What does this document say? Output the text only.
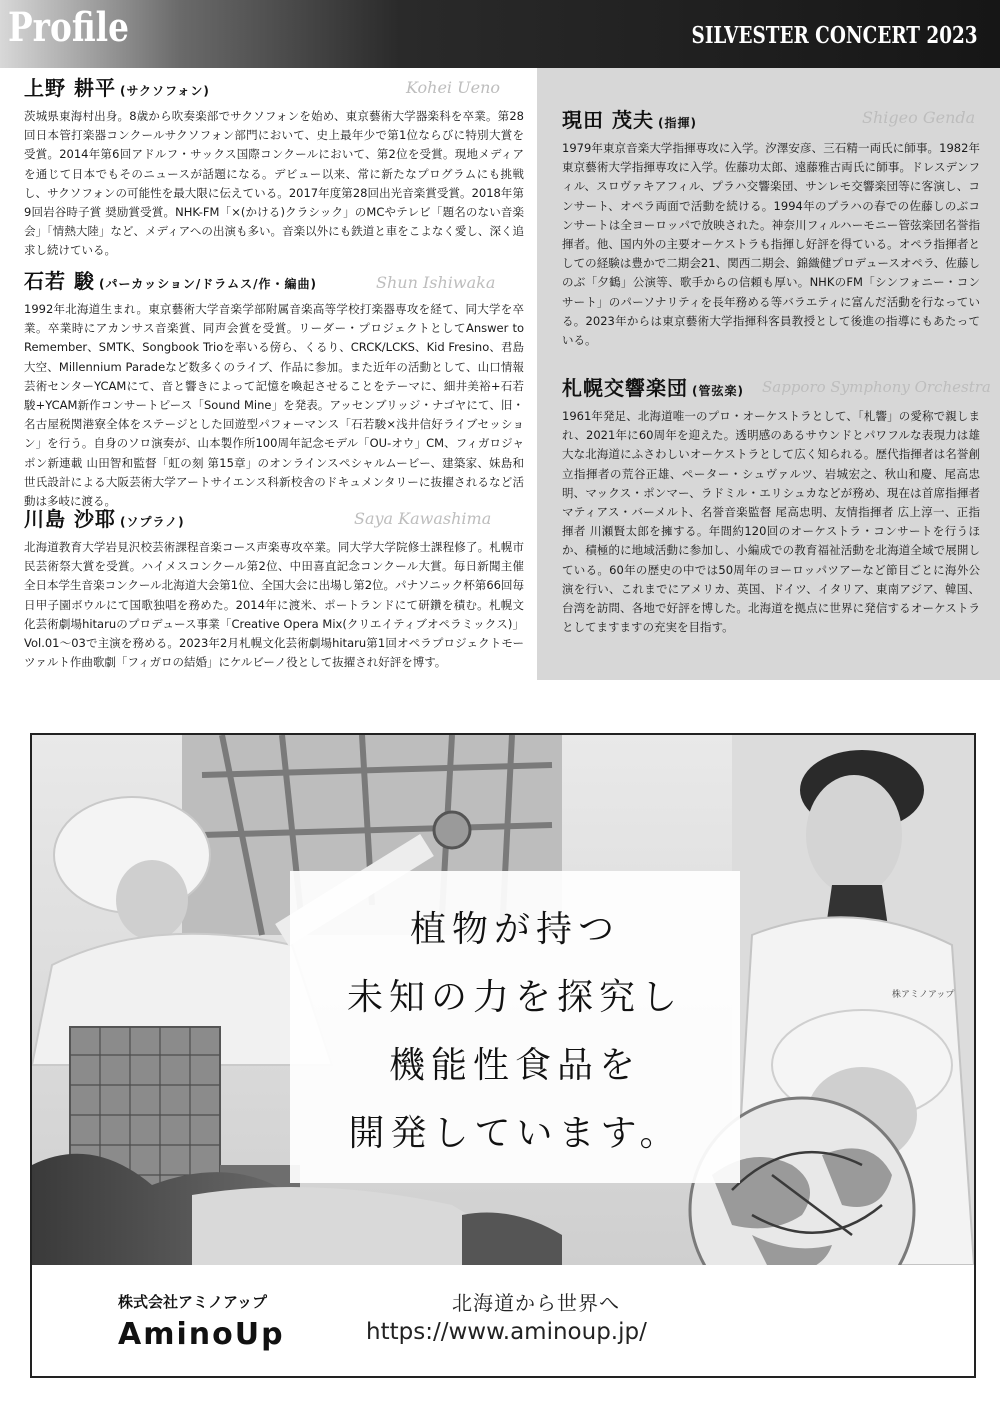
Profile	SILVESTER CONCERT 2023
Kohei Ueno
上野 耕平 (サクソフォン)
茨城県東海村出身。8歳から吹奏楽部でサクソフォンを始め、東京藝術大学器楽科を卒業。第28回日本管打楽器コンクールサクソフォン部門において、史上最年少で第1位ならびに特別大賞を受賞。2014年第6回アドルフ・サックス国際コンクールにおいて、第2位を受賞。現地メディアを通じて日本でもそのニュースが話題になる。デビュー以来、常に新たなプログラムにも挑戦し、サクソフォンの可能性を最大限に伝えている。2017年度第28回出光音楽賞受賞。2018年第9回岩谷時子賞 奨励賞受賞。NHK-FM「×(かける)クラシック」のMCやテレビ「題名のない音楽会」「情熱大陸」など、メディアへの出演も多い。音楽以外にも鉄道と車をこよなく愛し、深く追求し続けている。
Shun Ishiwaka
石若 駿 (パーカッション/ドラムス/作・編曲)
1992年北海道生まれ。東京藝術大学音楽学部附属音楽高等学校打楽器専攻を経て、同大学を卒業。卒業時にアカンサス音楽賞、同声会賞を受賞。リーダー・プロジェクトとしてAnswer to Remember、SMTK、Songbook Trioを率いる傍ら、くるり、CRCK/LCKS、Kid Fresino、君島大空、Millennium Paradeなど数多くのライブ、作品に参加。また近年の活動として、山口情報芸術センターYCAMにて、音と響きによって記憶を喚起させることをテーマに、細井美裕+石若駿+YCAM新作コンサートピース「Sound Mine」を発表。アッセンブリッジ・ナゴヤにて、旧・名古屋税関港寮全体をステージとした回遊型パフォーマンス「石若駿×浅井信好ライブセッション」を行う。自身のソロ演奏が、山本製作所100周年記念モデル「OU-オウ」CM、フィガロジャポン新連載 山田智和監督「虹の刻 第15章」のオンラインスペシャルムービー、建築家、妹島和世氏設計による大阪芸術大学アートサイエンス科新校舎のドキュメンタリーに抜擢されるなど活動は多岐に渡る。
Saya Kawashima
川島 沙耶 (ソプラノ)
北海道教育大学岩見沢校芸術課程音楽コース声楽専攻卒業。同大学大学院修士課程修了。札幌市民芸術祭大賞を受賞。ハイメスコンクール第2位、中田喜直記念コンクール大賞。毎日新聞主催全日本学生音楽コンクール北海道大会第1位、全国大会に出場し第2位。パナソニック杯第66回毎日甲子園ボウルにて国歌独唱を務めた。2014年に渡米、ポートランドにて研鑽を積む。札幌文化芸術劇場hitaruのプロデュース事業「Creative Opera Mix(クリエイティブオペラミックス)」Vol.01〜03で主演を務める。2023年2月札幌文化芸術劇場hitaru第1回オペラプロジェクトモーツァルト作曲歌劇「フィガロの結婚」にケルビーノ役として抜擢され好評を博す。
Shigeo Genda
現田 茂夫 (指揮)
1979年東京音楽大学指揮専攻に入学。汐澤安彦、三石精一両氏に師事。1982年東京藝術大学指揮専攻に入学。佐藤功太郎、遠藤雅古両氏に師事。ドレスデンフィル、スロヴァキアフィル、プラハ交響楽団、サンレモ交響楽団等に客演し、コンサート、オペラ両面で活動を続ける。1994年のプラハの春での佐藤しのぶコンサートは全ヨーロッパで放映された。神奈川フィルハーモニー管弦楽団名誉指揮者。他、国内外の主要オーケストラも指揮し好評を得ている。オペラ指揮者としての経験は豊かで二期会21、関西二期会、錦織健プロデュースオペラ、佐藤しのぶ「夕鶴」公演等、歌手からの信頼も厚い。NHKのFM「シンフォニー・コンサート」のパーソナリティを長年務める等バラエティに富んだ活動を行なっている。2023年からは東京藝術大学指揮科客員教授として後進の指導にもあたっている。
Sapporo Symphony Orchestra
札幌交響楽団 (管弦楽)
1961年発足、北海道唯一のプロ・オーケストラとして、「札響」の愛称で親しまれ、2021年に60周年を迎えた。透明感のあるサウンドとパワフルな表現力は雄大な北海道にふさわしいオーケストラとして広く知られる。歴代指揮者は名誉創立指揮者の荒谷正雄、ペーター・シュヴァルツ、岩城宏之、秋山和慶、尾高忠明、マックス・ポンマー、ラドミル・エリシュカなどが務め、現在は首席指揮者 マティアス・バーメルト、名誉音楽監督 尾高忠明、友情指揮者 広上淳一、正指揮者 川瀬賢太郎を擁する。年間約120回のオーケストラ・コンサートを行うほか、積極的に地域活動に参加し、小編成での教育福祉活動を北海道全域で展開している。60年の歴史の中では50周年のヨーロッパツアーなど節目ごとに海外公演を行い、これまでにアメリカ、英国、ドイツ、イタリア、東南アジア、韓国、台湾を訪問、各地で好評を博した。北海道を拠点に世界に発信するオーケストラとしてますますの充実を目指す。
株アミノアップ
植物が持つ
未知の力を探究し
機能性食品を
開発しています。
株式会社アミノアップ
AminoUp
北海道から世界へ
https://www.aminoup.jp/
